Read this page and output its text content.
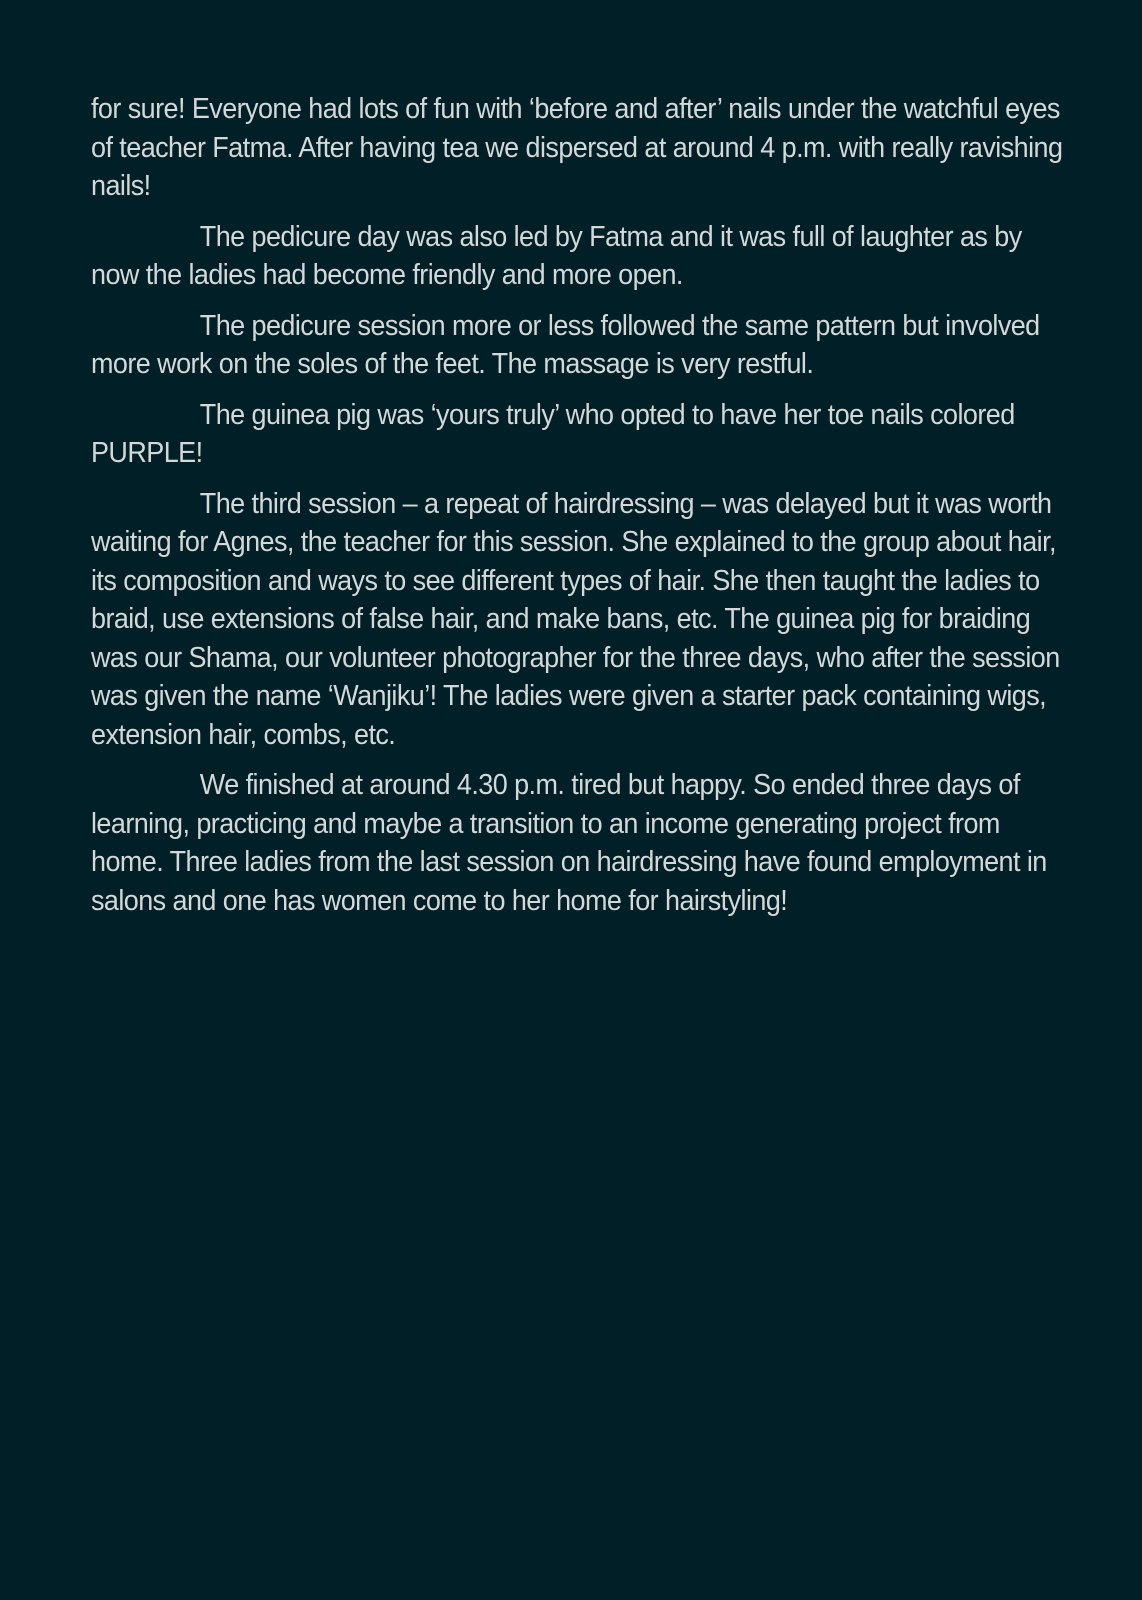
for sure! Everyone had lots of fun with ‘before and after’ nails under the watchful eyes of teacher Fatma. After having tea we dispersed at around 4 p.m. with really ravishing nails!

The pedicure day was also led by Fatma and it was full of laughter as by now the ladies had become friendly and more open.

The pedicure session more or less followed the same pattern but involved more work on the soles of the feet. The massage is very restful.

The guinea pig was ‘yours truly’ who opted to have her toe nails colored PURPLE!

The third session – a repeat of hairdressing – was delayed but it was worth waiting for Agnes, the teacher for this session. She explained to the group about hair, its composition and ways to see different types of hair. She then taught the ladies to braid, use extensions of false hair, and make bans, etc. The guinea pig for braiding was our Shama, our volunteer photographer for the three days, who after the session was given the name ‘Wanjiku’! The ladies were given a starter pack containing wigs, extension hair, combs, etc.

We finished at around 4.30 p.m. tired but happy. So ended three days of learning, practicing and maybe a transition to an income generating project from home. Three ladies from the last session on hairdressing have found employment in salons and one has women come to her home for hairstyling!
